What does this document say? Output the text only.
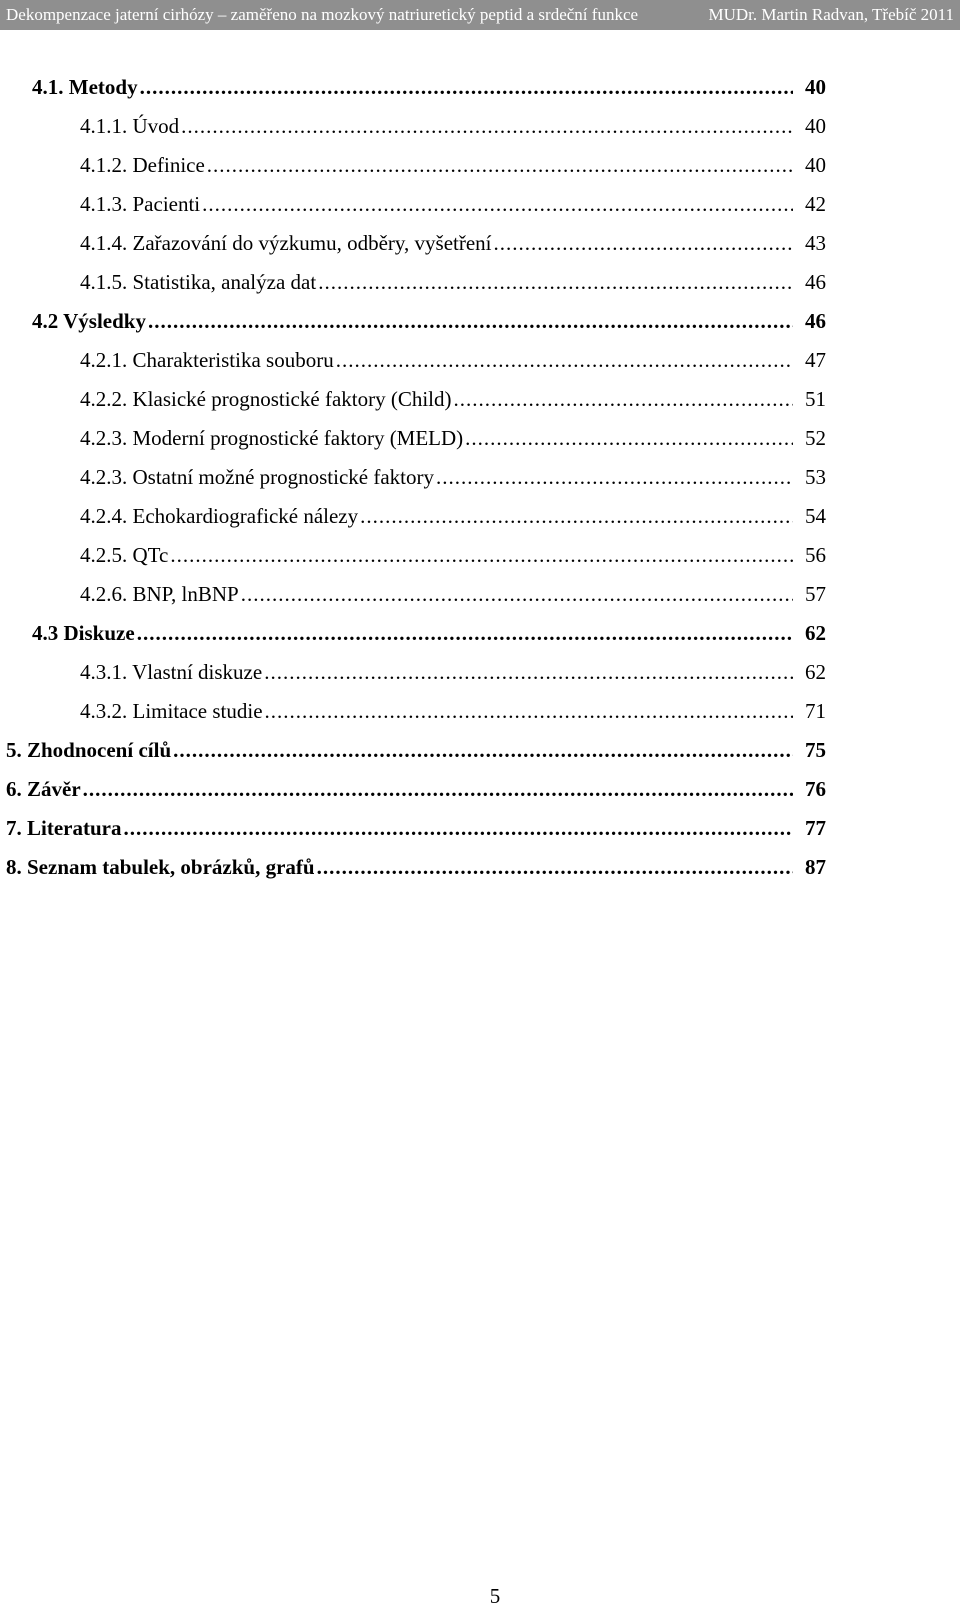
Dekompenzace jaterní cirhózy – zaměřeno na mozkový natriuretický peptid a srdeční funkce	MUDr. Martin Radvan, Třebíč 2011
4.1. Metody .....	40
4.1.1. Úvod .....	40
4.1.2. Definice .....	40
4.1.3. Pacienti .....	42
4.1.4. Zařazování do výzkumu, odběry, vyšetření .....	43
4.1.5. Statistika, analýza dat .....	46
4.2 Výsledky .....	46
4.2.1. Charakteristika souboru .....	47
4.2.2. Klasické prognostické faktory (Child) .....	51
4.2.3. Moderní prognostické faktory (MELD) .....	52
4.2.3. Ostatní možné prognostické faktory .....	53
4.2.4. Echokardiografické nálezy .....	54
4.2.5. QTc .....	56
4.2.6. BNP, lnBNP .....	57
4.3 Diskuze .....	62
4.3.1. Vlastní diskuze .....	62
4.3.2. Limitace studie .....	71
5. Zhodnocení cílů .....	75
6. Závěr .....	76
7. Literatura .....	77
8. Seznam tabulek, obrázků, grafů .....	87
5
